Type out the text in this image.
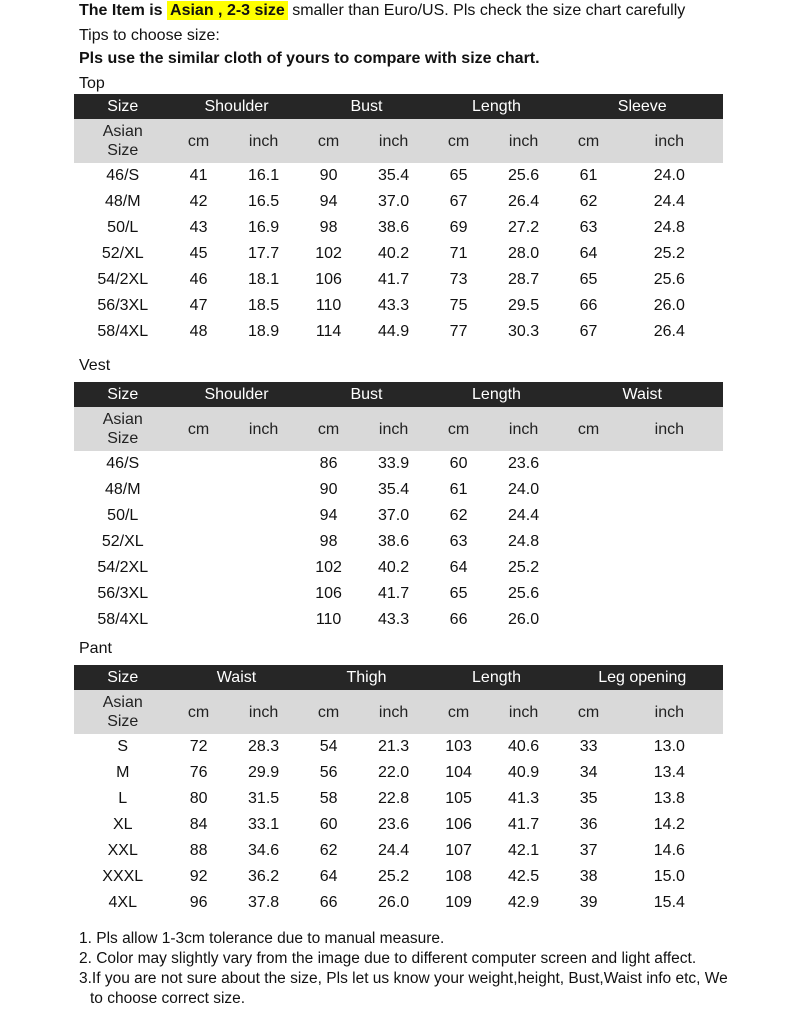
The Item is Asian , 2-3 size smaller than Euro/US. Pls check the size chart carefully
Tips to choose size:
Pls use the similar cloth of yours to compare with size chart.
Top
Size	Shoulder		Bust		Length		Sleeve	
Asian
Size	cm	inch	cm	inch	cm	inch	cm	inch
46/S	41	16.1	90	35.4	65	25.6	61	24.0
48/M	42	16.5	94	37.0	67	26.4	62	24.4
50/L	43	16.9	98	38.6	69	27.2	63	24.8
52/XL	45	17.7	102	40.2	71	28.0	64	25.2
54/2XL	46	18.1	106	41.7	73	28.7	65	25.6
56/3XL	47	18.5	110	43.3	75	29.5	66	26.0
58/4XL	48	18.9	114	44.9	77	30.3	67	26.4
Vest
Size	Shoulder		Bust		Length		Waist	
Asian
Size	cm	inch	cm	inch	cm	inch	cm	inch
46/S			86	33.9	60	23.6		
48/M			90	35.4	61	24.0		
50/L			94	37.0	62	24.4		
52/XL			98	38.6	63	24.8		
54/2XL			102	40.2	64	25.2		
56/3XL			106	41.7	65	25.6		
58/4XL			110	43.3	66	26.0		
Pant
Size	Waist		Thigh		Length		Leg opening	
Asian
Size	cm	inch	cm	inch	cm	inch	cm	inch
S	72	28.3	54	21.3	103	40.6	33	13.0
M	76	29.9	56	22.0	104	40.9	34	13.4
L	80	31.5	58	22.8	105	41.3	35	13.8
XL	84	33.1	60	23.6	106	41.7	36	14.2
XXL	88	34.6	62	24.4	107	42.1	37	14.6
XXXL	92	36.2	64	25.2	108	42.5	38	15.0
4XL	96	37.8	66	26.0	109	42.9	39	15.4
1. Pls allow 1-3cm tolerance due to manual measure.
2. Color may slightly vary from the image due to different computer screen and light affect.
3.If you are not sure about the size, Pls let us know your weight,height, Bust,Waist info etc, We
to choose correct size.
